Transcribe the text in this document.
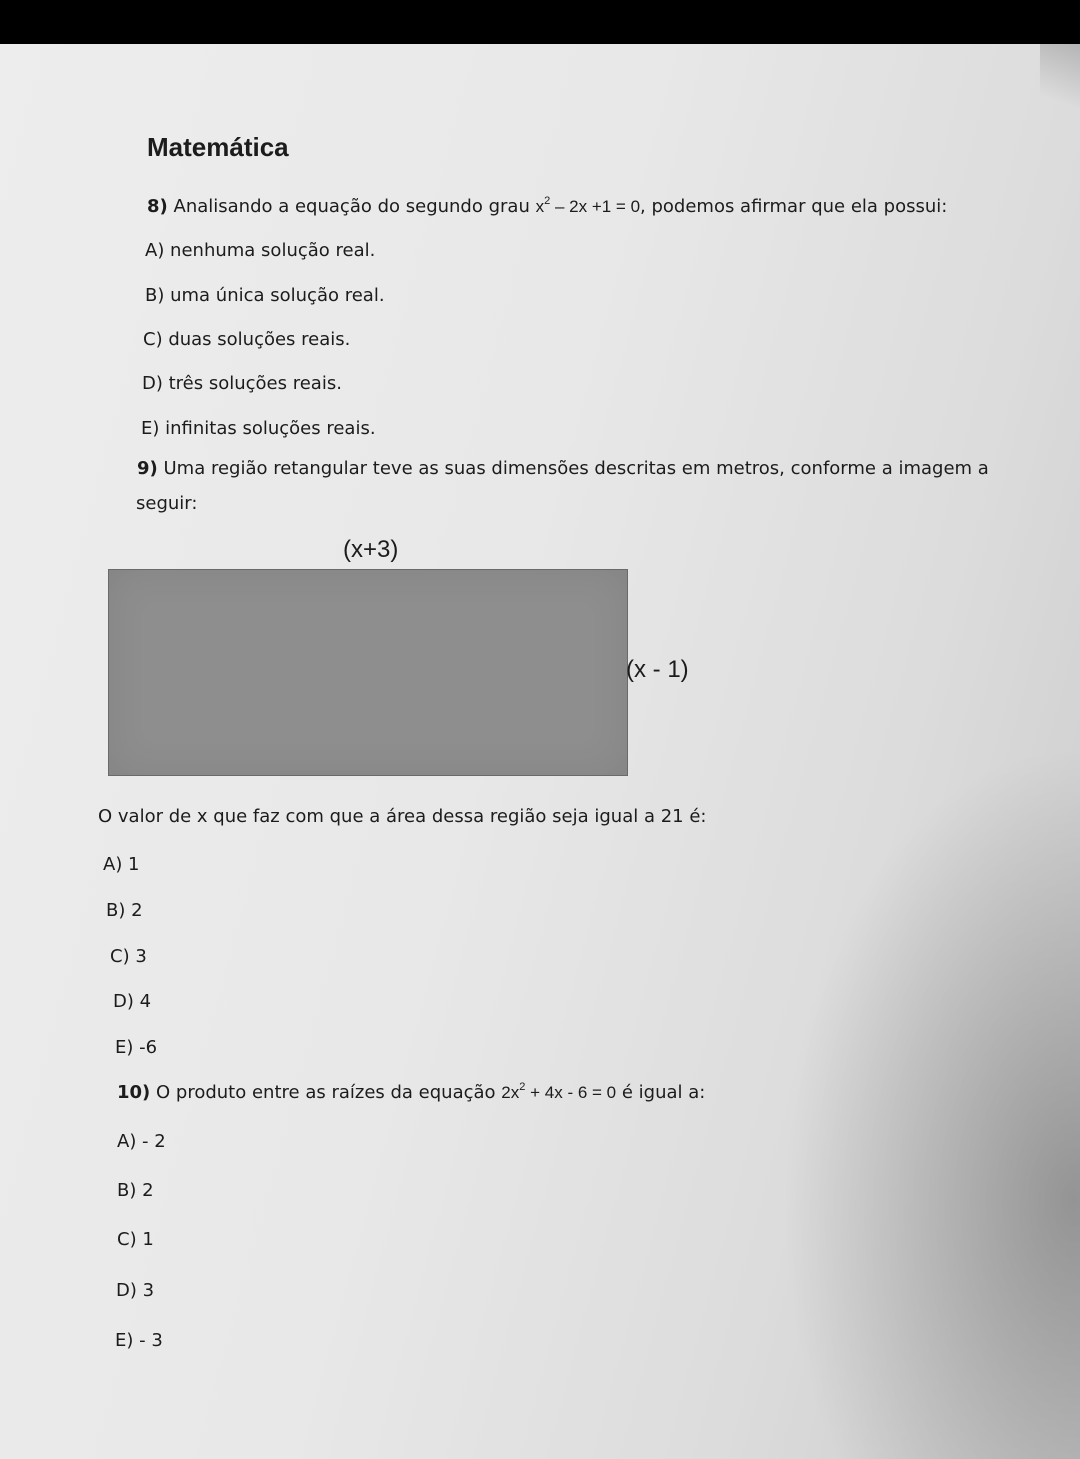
Matemática
8) Analisando a equação do segundo grau $x^2 - 2x +1 = 0$, podemos afirmar que ela possui:
A) nenhuma solução real.
B) uma única solução real.
C) duas soluções reais.
D) três soluções reais.
E) infinitas soluções reais.
9) Uma região retangular teve as suas dimensões descritas em metros, conforme a imagem a
seguir:
(x+3)
(x - 1)
O valor de x que faz com que a área dessa região seja igual a 21 é:
A) 1
B) 2
C) 3
D) 4
E) -6
10) O produto entre as raízes da equação $2x^2 + 4x - 6 = 0$ é igual a:
A) - 2
B) 2
C) 1
D) 3
E) - 3
